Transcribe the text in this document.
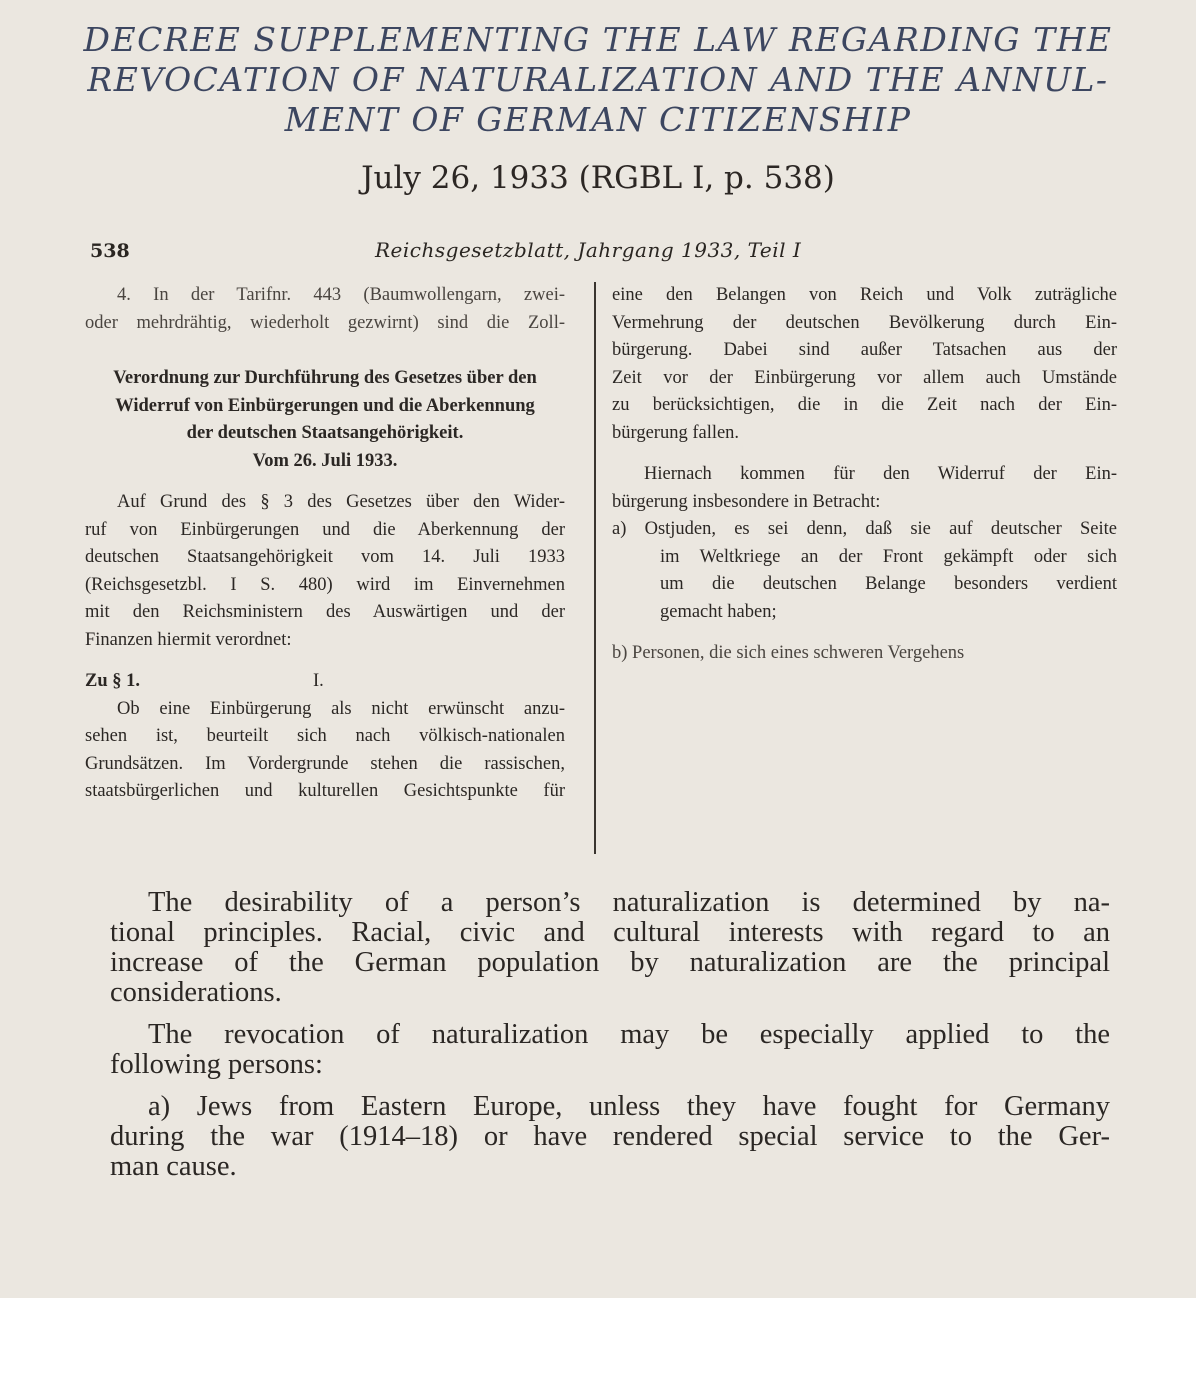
DECREE SUPPLEMENTING THE LAW REGARDING THE
REVOCATION OF NATURALIZATION AND THE ANNUL-
MENT OF GERMAN CITIZENSHIP
July 26, 1933 (RGBL I, p. 538)
538	Reichsgesetzblatt, Jahrgang 1933, Teil I
4. In der Tarifnr. 443 (Baumwollengarn, zwei-
oder mehrdrähtig, wiederholt gezwirnt) sind die Zoll-
Verordnung zur Durchführung des Gesetzes über den
Widerruf von Einbürgerungen und die Aberkennung
der deutschen Staatsangehörigkeit.
Vom 26. Juli 1933.
Auf Grund des § 3 des Gesetzes über den Wider-
ruf von Einbürgerungen und die Aberkennung der
deutschen Staatsangehörigkeit vom 14. Juli 1933
(Reichsgesetzbl. I S. 480) wird im Einvernehmen
mit den Reichsministern des Auswärtigen und der
Finanzen hiermit verordnet:
Zu § 1.	I.
Ob eine Einbürgerung als nicht erwünscht anzu-
sehen ist, beurteilt sich nach völkisch-nationalen
Grundsätzen. Im Vordergrunde stehen die rassischen,
staatsbürgerlichen und kulturellen Gesichtspunkte für
eine den Belangen von Reich und Volk zuträgliche
Vermehrung der deutschen Bevölkerung durch Ein-
bürgerung. Dabei sind außer Tatsachen aus der
Zeit vor der Einbürgerung vor allem auch Umstände
zu berücksichtigen, die in die Zeit nach der Ein-
bürgerung fallen.
Hiernach kommen für den Widerruf der Ein-
bürgerung insbesondere in Betracht:
a) Ostjuden, es sei denn, daß sie auf deutscher Seite
im Weltkriege an der Front gekämpft oder sich
um die deutschen Belange besonders verdient
gemacht haben;
b) Personen, die sich eines schweren Vergehens
The desirability of a person’s naturalization is determined by na-
tional principles. Racial, civic and cultural interests with regard to an
increase of the German population by naturalization are the principal
considerations.
The revocation of naturalization may be especially applied to the
following persons:
a) Jews from Eastern Europe, unless they have fought for Germany
during the war (1914–18) or have rendered special service to the Ger-
man cause.
